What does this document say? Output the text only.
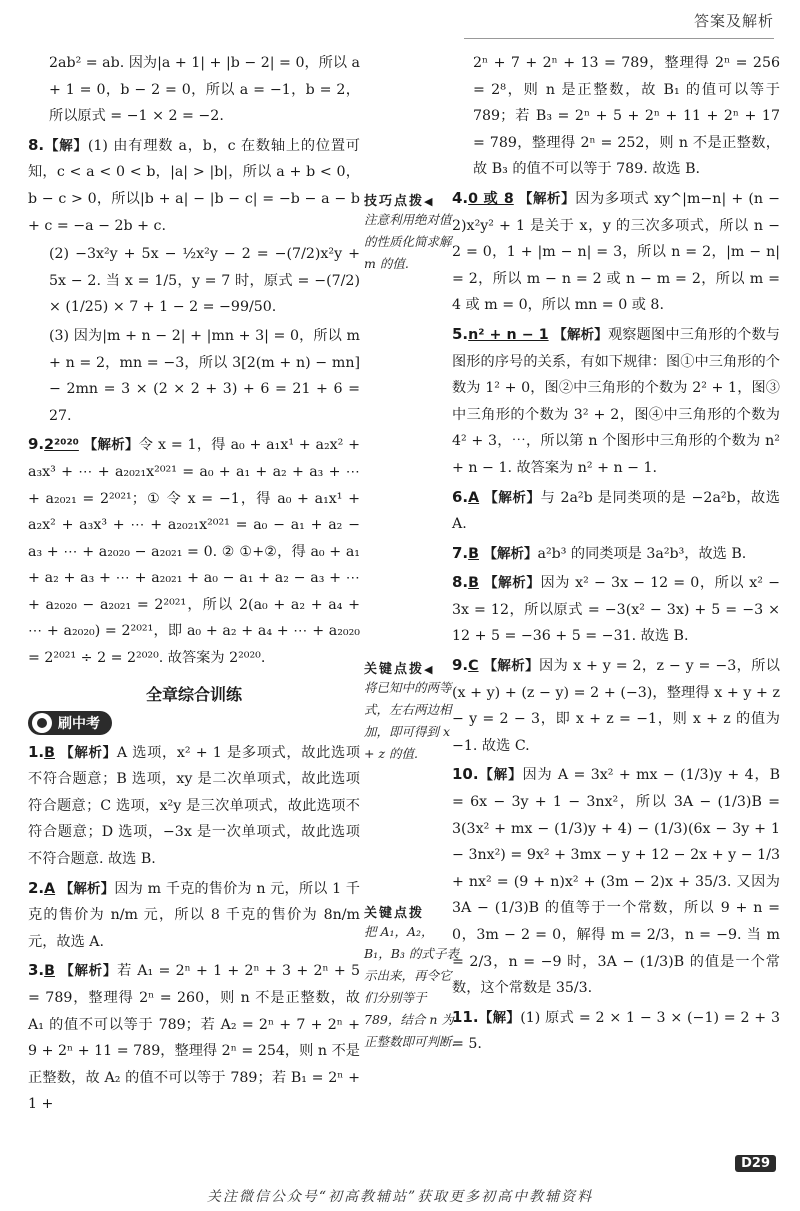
答案及解析

2ab² = ab. 因为|a + 1| + |b − 2| = 0，所以 a + 1 = 0，b − 2 = 0，所以 a = −1，b = 2，所以原式 = −1 × 2 = −2.

8.【解】(1) 由有理数 a，b，c 在数轴上的位置可知，c < a < 0 < b，|a| > |b|，所以 a + b < 0，b − c > 0，所以|b + a| − |b − c| = −b − a − b + c = −a − 2b + c.

(2) −3x²y + 5x − ½x²y − 2 = −(7/2)x²y + 5x − 2. 当 x = 1/5，y = 7 时，原式 = −(7/2) × (1/25) × 7 + 1 − 2 = −99/50.

(3) 因为|m + n − 2| + |mn + 3| = 0，所以 m + n = 2，mn = −3，所以 3[2(m + n) − mn] − 2mn = 3 × (2 × 2 + 3) + 6 = 21 + 6 = 27.

9.2²⁰²⁰ 【解析】令 x = 1，得 a₀ + a₁x¹ + a₂x² + a₃x³ + ⋯ + a₂₀₂₁x²⁰²¹ = a₀ + a₁ + a₂ + a₃ + ⋯ + a₂₀₂₁ = 2²⁰²¹；① 令 x = −1，得 a₀ + a₁x¹ + a₂x² + a₃x³ + ⋯ + a₂₀₂₁x²⁰²¹ = a₀ − a₁ + a₂ − a₃ + ⋯ + a₂₀₂₀ − a₂₀₂₁ = 0. ② ①+②，得 a₀ + a₁ + a₂ + a₃ + ⋯ + a₂₀₂₁ + a₀ − a₁ + a₂ − a₃ + ⋯ + a₂₀₂₀ − a₂₀₂₁ = 2²⁰²¹，所以 2(a₀ + a₂ + a₄ + ⋯ + a₂₀₂₀) = 2²⁰²¹，即 a₀ + a₂ + a₄ + ⋯ + a₂₀₂₀ = 2²⁰²¹ ÷ 2 = 2²⁰²⁰. 故答案为 2²⁰²⁰.

全章综合训练
刷中考

1.B 【解析】A 选项，x² + 1 是多项式，故此选项不符合题意；B 选项，xy 是二次单项式，故此选项符合题意；C 选项，x²y 是三次单项式，故此选项不符合题意；D 选项，−3x 是一次单项式，故此选项不符合题意. 故选 B.

2.A 【解析】因为 m 千克的售价为 n 元，所以 1 千克的售价为 n/m 元，所以 8 千克的售价为 8n/m 元，故选 A.

3.B 【解析】若 A₁ = 2ⁿ + 1 + 2ⁿ + 3 + 2ⁿ + 5 = 789，整理得 2ⁿ = 260，则 n 不是正整数，故 A₁ 的值不可以等于 789；若 A₂ = 2ⁿ + 7 + 2ⁿ + 9 + 2ⁿ + 11 = 789，整理得 2ⁿ = 254，则 n 不是正整数，故 A₂ 的值不可以等于 789；若 B₁ = 2ⁿ + 1 +

技巧点拨◀
注意利用绝对值的性质化简求解 m 的值.
关键点拨◀
将已知中的两等式，左右两边相加，即可得到 x + z 的值.
关键点拨
把 A₁，A₂，B₁，B₃ 的式子表示出来，再令它们分别等于 789，结合 n 为正整数即可判断.

2ⁿ + 7 + 2ⁿ + 13 = 789，整理得 2ⁿ = 256 = 2⁸，则 n 是正整数，故 B₁ 的值可以等于 789；若 B₃ = 2ⁿ + 5 + 2ⁿ + 11 + 2ⁿ + 17 = 789，整理得 2ⁿ = 252，则 n 不是正整数，故 B₃ 的值不可以等于 789. 故选 B.

4.0 或 8 【解析】因为多项式 xy^|m−n| + (n − 2)x²y² + 1 是关于 x，y 的三次多项式，所以 n − 2 = 0，1 + |m − n| = 3，所以 n = 2，|m − n| = 2，所以 m − n = 2 或 n − m = 2，所以 m = 4 或 m = 0，所以 mn = 0 或 8.

5.n² + n − 1 【解析】观察题图中三角形的个数与图形的序号的关系，有如下规律：图①中三角形的个数为 1² + 0，图②中三角形的个数为 2² + 1，图③中三角形的个数为 3² + 2，图④中三角形的个数为 4² + 3，⋯，所以第 n 个图形中三角形的个数为 n² + n − 1. 故答案为 n² + n − 1.

6.A 【解析】与 2a²b 是同类项的是 −2a²b，故选 A.

7.B 【解析】a²b³ 的同类项是 3a²b³，故选 B.

8.B 【解析】因为 x² − 3x − 12 = 0，所以 x² − 3x = 12，所以原式 = −3(x² − 3x) + 5 = −3 × 12 + 5 = −36 + 5 = −31. 故选 B.

9.C 【解析】因为 x + y = 2，z − y = −3，所以 (x + y) + (z − y) = 2 + (−3)，整理得 x + y + z − y = 2 − 3，即 x + z = −1，则 x + z 的值为 −1. 故选 C.

10.【解】因为 A = 3x² + mx − (1/3)y + 4，B = 6x − 3y + 1 − 3nx²，所以 3A − (1/3)B = 3(3x² + mx − (1/3)y + 4) − (1/3)(6x − 3y + 1 − 3nx²) = 9x² + 3mx − y + 12 − 2x + y − 1/3 + nx² = (9 + n)x² + (3m − 2)x + 35/3. 又因为 3A − (1/3)B 的值等于一个常数，所以 9 + n = 0，3m − 2 = 0，解得 m = 2/3，n = −9. 当 m = 2/3，n = −9 时，3A − (1/3)B 的值是一个常数，这个常数是 35/3.

11.【解】(1) 原式 = 2 × 1 − 3 × (−1) = 2 + 3 = 5.

D29
关注微信公众号“初高教辅站”获取更多初高中教辅资料
